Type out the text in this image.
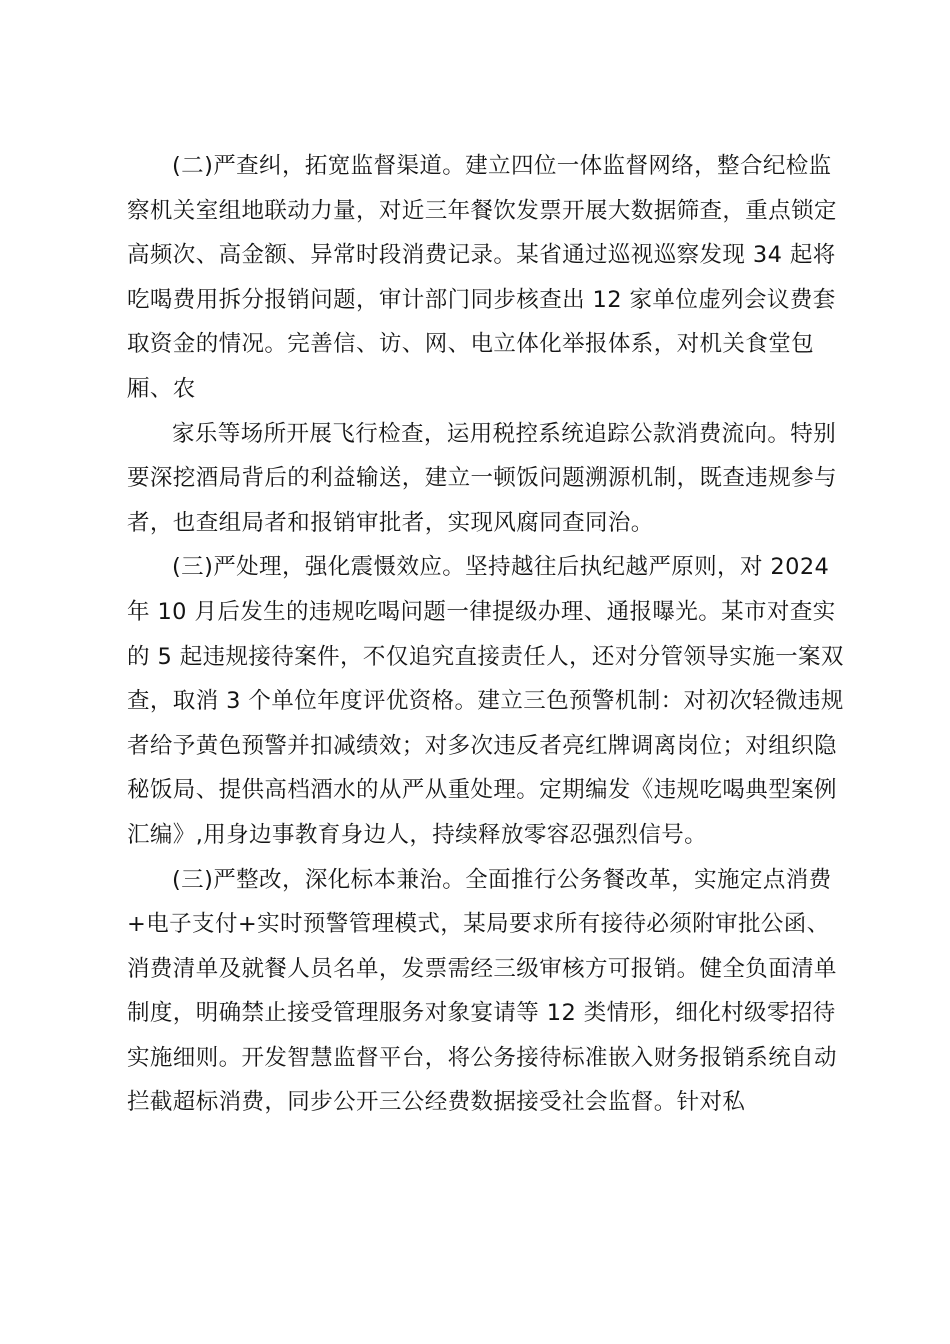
(二)严查纠，拓宽监督渠道。建立四位一体监督网络，整合纪检监
察机关室组地联动力量，对近三年餐饮发票开展大数据筛查，重点锁定
高频次、高金额、异常时段消费记录。某省通过巡视巡察发现 34 起将
吃喝费用拆分报销问题，审计部门同步核查出 12 家单位虚列会议费套
取资金的情况。完善信、访、网、电立体化举报体系，对机关食堂包
厢、农
家乐等场所开展飞行检查，运用税控系统追踪公款消费流向。特别
要深挖酒局背后的利益输送，建立一顿饭问题溯源机制，既查违规参与
者，也查组局者和报销审批者，实现风腐同查同治。
(三)严处理，强化震慑效应。坚持越往后执纪越严原则，对 2024
年 10 月后发生的违规吃喝问题一律提级办理、通报曝光。某市对查实
的 5 起违规接待案件，不仅追究直接责任人，还对分管领导实施一案双
查，取消 3 个单位年度评优资格。建立三色预警机制：对初次轻微违规
者给予黄色预警并扣减绩效；对多次违反者亮红牌调离岗位；对组织隐
秘饭局、提供高档酒水的从严从重处理。定期编发《违规吃喝典型案例
汇编》,用身边事教育身边人，持续释放零容忍强烈信号。
(三)严整改，深化标本兼治。全面推行公务餐改革，实施定点消费
+电子支付+实时预警管理模式，某局要求所有接待必须附审批公函、
消费清单及就餐人员名单，发票需经三级审核方可报销。健全负面清单
制度，明确禁止接受管理服务对象宴请等 12 类情形，细化村级零招待
实施细则。开发智慧监督平台，将公务接待标准嵌入财务报销系统自动
拦截超标消费，同步公开三公经费数据接受社会监督。针对私
